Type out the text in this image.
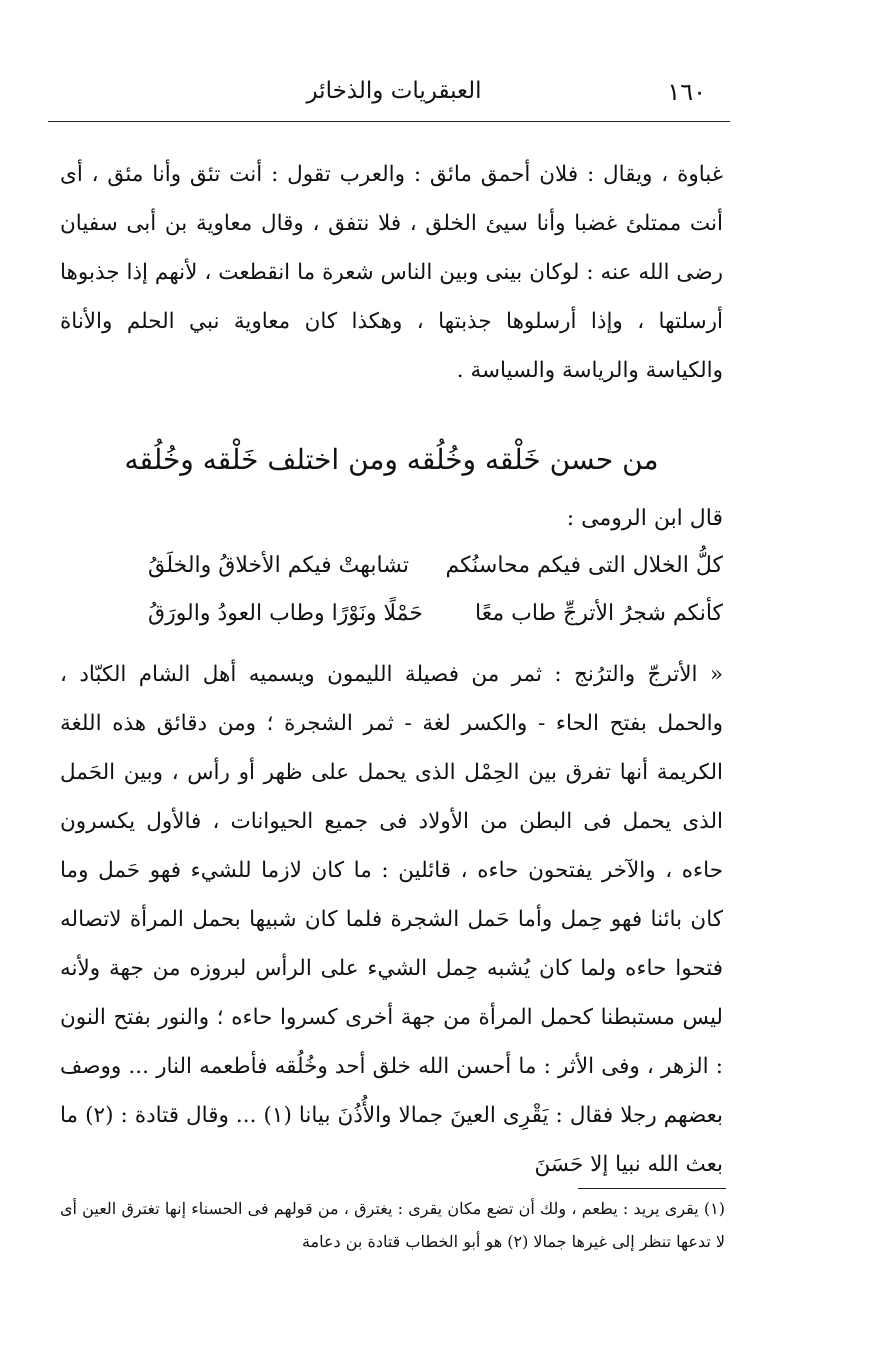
١٦٠
العبقريات والذخائر
غباوة ، ويقال : فلان أحمق مائق : والعرب تقول : أنت تئق وأنا مئق ، أى أنت ممتلئ غضبا وأنا سيئ الخلق ، فلا نتفق ، وقال معاوية بن أبى سفيان رضى الله عنه : لوكان بينى وبين الناس شعرة ما انقطعت ، لأنهم إذا جذبوها أرسلتها ، وإذا أرسلوها جذبتها ، وهكذا كان معاوية نبي الحلم والأناة والكياسة والرياسة والسياسة .
من حسن خَلْقه وخُلُقه ومن اختلف خَلْقه وخُلُقه
قال ابن الرومى :
كلُّ الخلال التى فيكم محاسنُكم
تشابهتْ فيكم الأخلاقُ والخلَقُ
كأنكم شجرُ الأترجِّ طاب معًا
حَمْلًا ونَوْرًا وطاب العودُ والورَقُ
« الأترجّ والترُنج : ثمر من فصيلة الليمون ويسميه أهل الشام الكبّاد ، والحمل بفتح الحاء - والكسر لغة - ثمر الشجرة ؛ ومن دقائق هذه اللغة الكريمة أنها تفرق بين الحِمْل الذى يحمل على ظهر أو رأس ، وبين الحَمل الذى يحمل فى البطن من الأولاد فى جميع الحيوانات ، فالأول يكسرون حاءه ، والآخر يفتحون حاءه ، قائلين : ما كان لازما للشيء فهو حَمل وما كان بائنا فهو حِمل وأما حَمل الشجرة فلما كان شبيها بحمل المرأة لاتصاله فتحوا حاءه ولما كان يُشبه حِمل الشيء على الرأس لبروزه من جهة ولأنه ليس مستبطنا كحمل المرأة من جهة أخرى كسروا حاءه ؛ والنور بفتح النون : الزهر ، وفى الأثر : ما أحسن الله خلق أحد وخُلُقه فأطعمه النار ... ووصف بعضهم رجلا فقال : يَقْرِى العينَ جمالا والأُذُنَ بيانا (١) ... وقال قتادة : (٢) ما بعث الله نبيا إلا حَسَنَ
(١) يقرى يريد : يطعم ، ولك أن تضع مكان يقرى : يغترق ، من قولهم فى الحسناء إنها تغترق العين أى لا تدعها تنظر إلى غيرها جمالا (٢) هو أبو الخطاب قتادة بن دعامة
